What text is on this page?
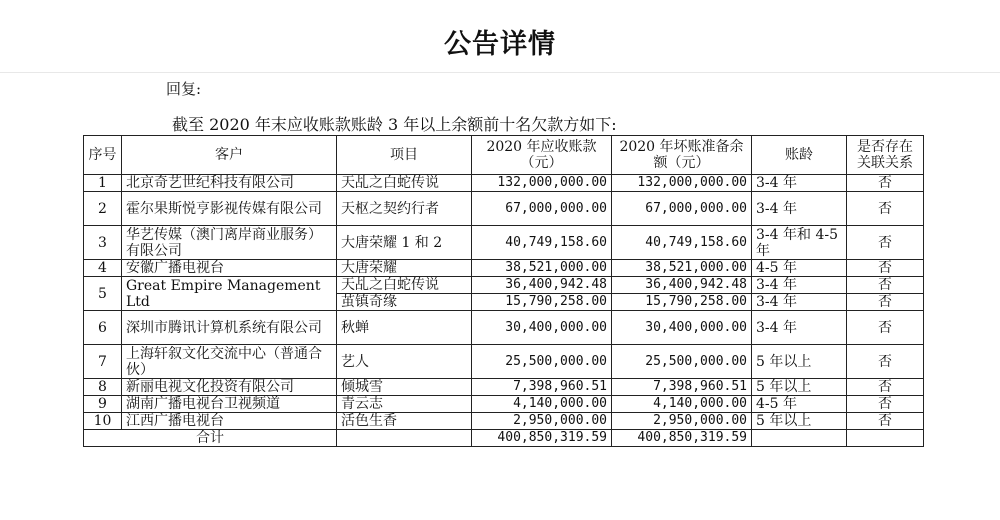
公告详情
回复:
截至 2020 年末应收账款账龄 3 年以上余额前十名欠款方如下:
序号	客户	项目	2020 年应收账款（元）	2020 年坏账准备余额（元）	账龄	是否存在关联关系
1	北京奇艺世纪科技有限公司	天乩之白蛇传说	132,000,000.00	132,000,000.00	3-4 年	否
2	霍尔果斯悦亨影视传媒有限公司	天枢之契约行者	67,000,000.00	67,000,000.00	3-4 年	否
3	华艺传媒（澳门离岸商业服务）有限公司	大唐荣耀 1 和 2	40,749,158.60	40,749,158.60	3-4 年和 4-5 年	否
4	安徽广播电视台	大唐荣耀	38,521,000.00	38,521,000.00	4-5 年	否
5	Great Empire Management Ltd	天乩之白蛇传说	36,400,942.48	36,400,942.48	3-4 年	否
		茧镇奇缘	15,790,258.00	15,790,258.00	3-4 年	否
6	深圳市腾讯计算机系统有限公司	秋蝉	30,400,000.00	30,400,000.00	3-4 年	否
7	上海轩叙文化交流中心（普通合伙）	艺人	25,500,000.00	25,500,000.00	5 年以上	否
8	新丽电视文化投资有限公司	倾城雪	7,398,960.51	7,398,960.51	5 年以上	否
9	湖南广播电视台卫视频道	青云志	4,140,000.00	4,140,000.00	4-5 年	否
10	江西广播电视台	活色生香	2,950,000.00	2,950,000.00	5 年以上	否
合计			400,850,319.59	400,850,319.59		
